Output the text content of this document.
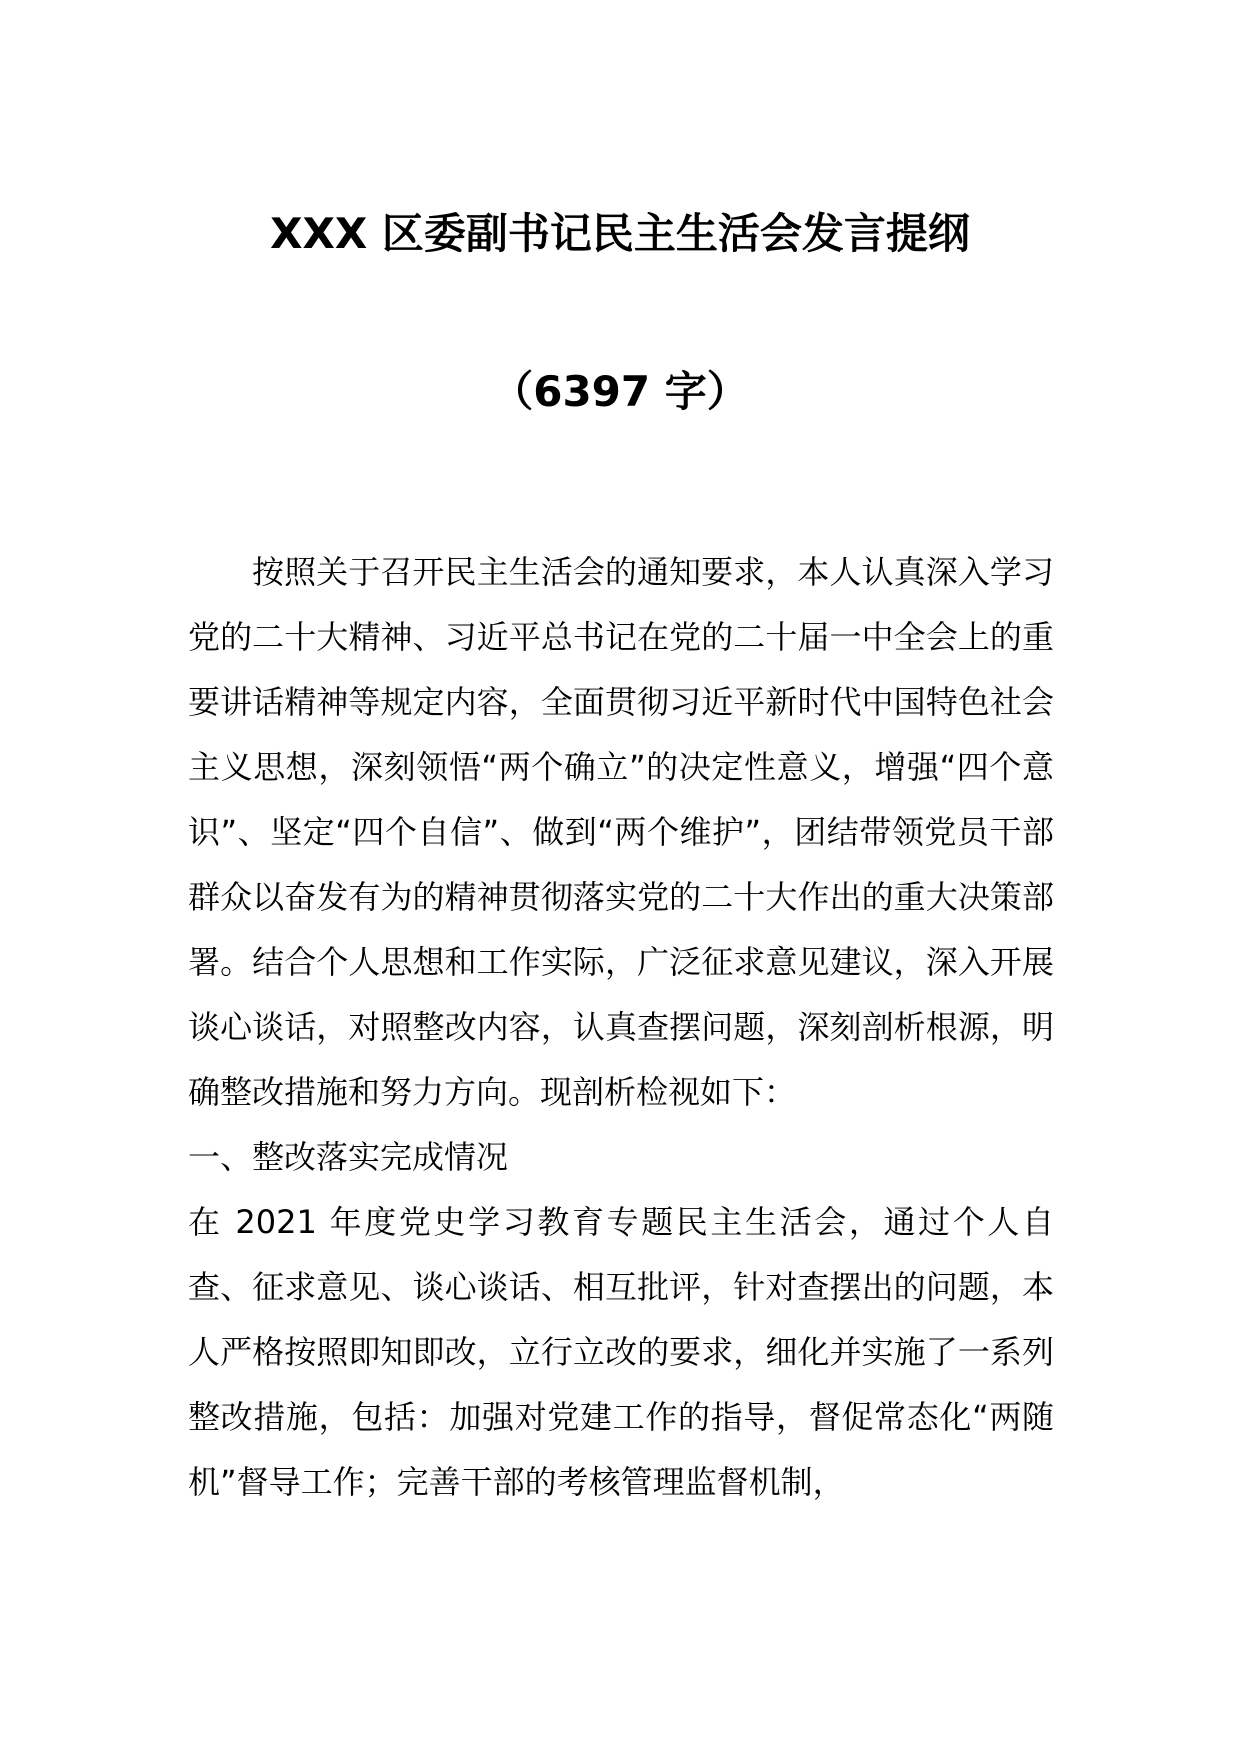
XXX 区委副书记民主生活会发言提纲
（6397 字）

按照关于召开民主生活会的通知要求，本人认真深入学习党的二十大精神、习近平总书记在党的二十届一中全会上的重要讲话精神等规定内容，全面贯彻习近平新时代中国特色社会主义思想，深刻领悟“两个确立”的决定性意义，增强“四个意识”、坚定“四个自信”、做到“两个维护”，团结带领党员干部群众以奋发有为的精神贯彻落实党的二十大作出的重大决策部署。结合个人思想和工作实际，广泛征求意见建议，深入开展谈心谈话，对照整改内容，认真查摆问题，深刻剖析根源，明确整改措施和努力方向。现剖析检视如下：

一、整改落实完成情况

在 2021 年度党史学习教育专题民主生活会，通过个人自查、征求意见、谈心谈话、相互批评，针对查摆出的问题，本人严格按照即知即改，立行立改的要求，细化并实施了一系列整改措施，包括：加强对党建工作的指导，督促常态化“两随机”督导工作；完善干部的考核管理监督机制，
